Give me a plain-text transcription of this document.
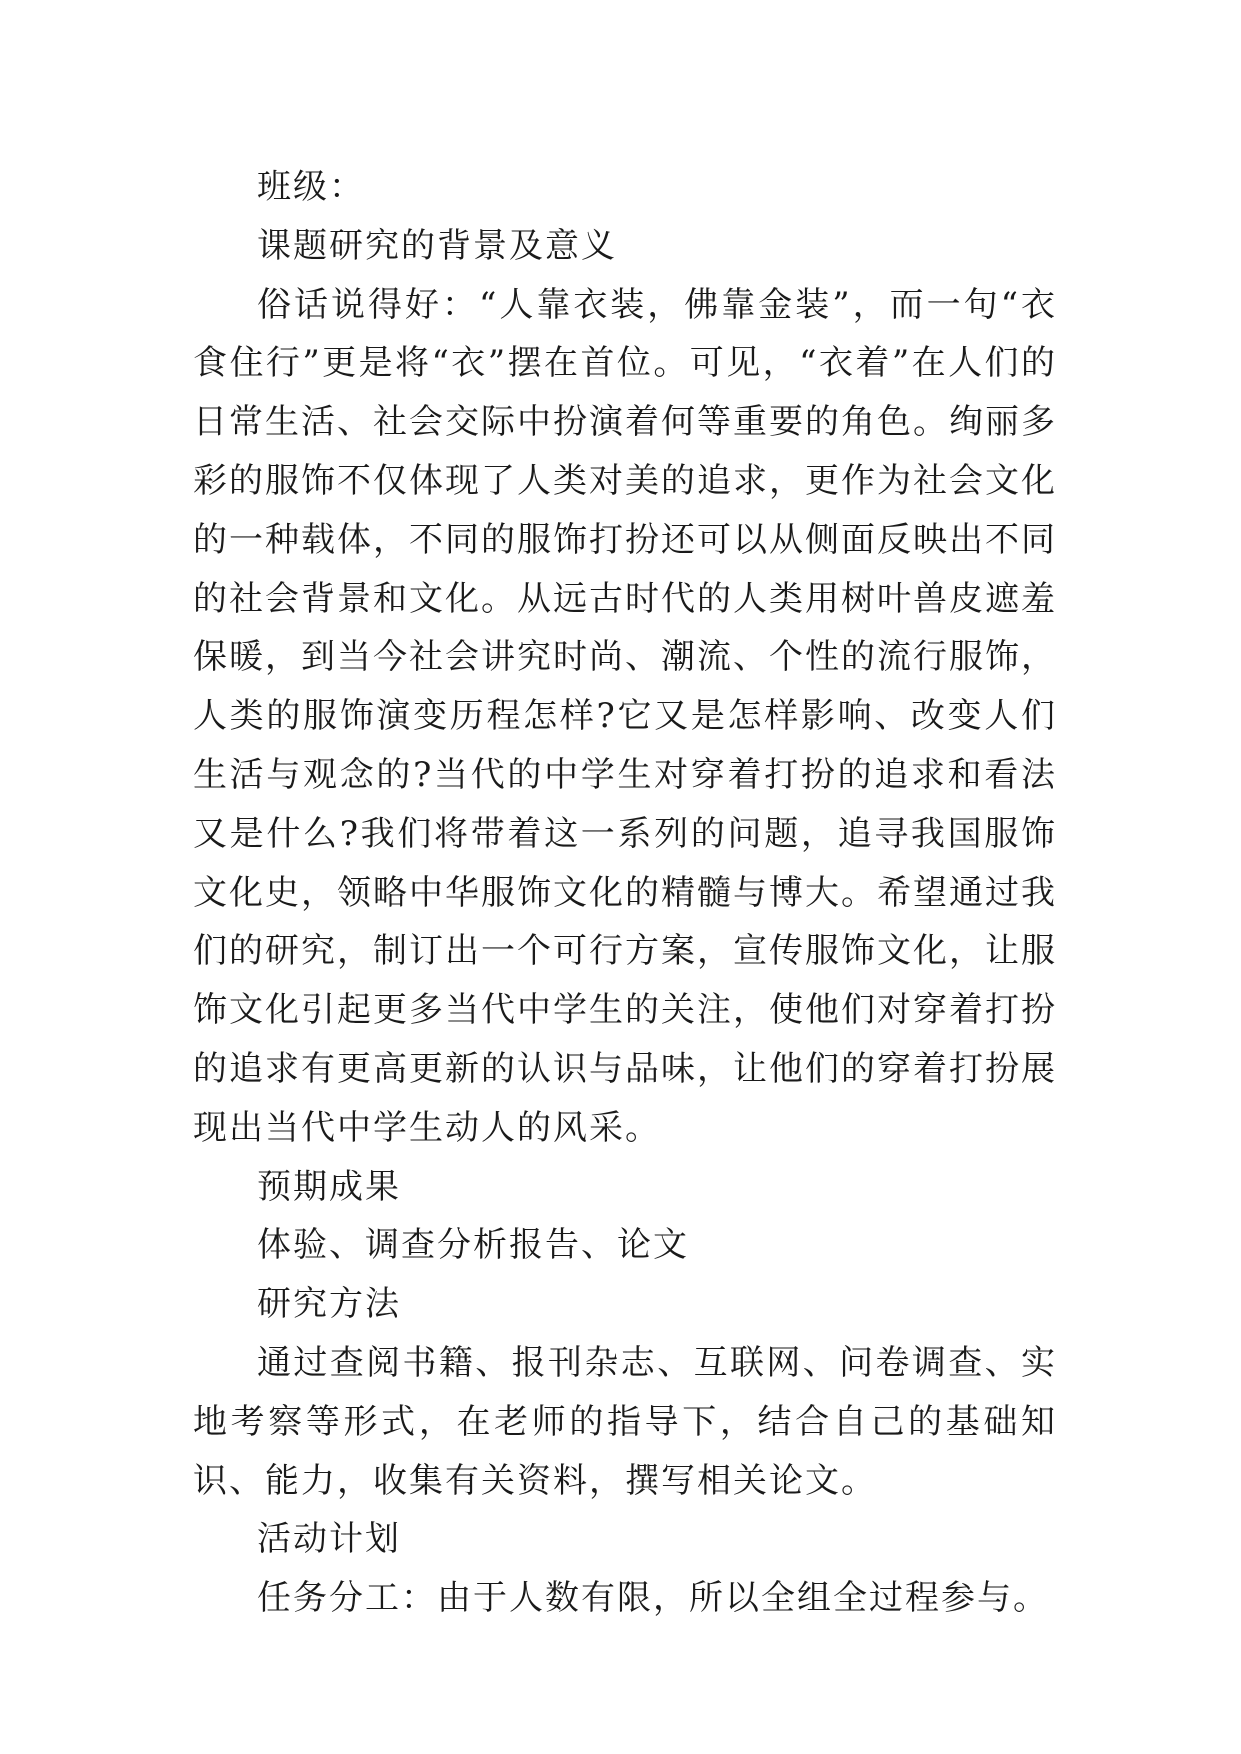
班级：

课题研究的背景及意义

俗话说得好：“人靠衣装，佛靠金装”，而一句“衣食住行”更是将“衣”摆在首位。可见，“衣着”在人们的日常生活、社会交际中扮演着何等重要的角色。绚丽多彩的服饰不仅体现了人类对美的追求，更作为社会文化的一种载体，不同的服饰打扮还可以从侧面反映出不同的社会背景和文化。从远古时代的人类用树叶兽皮遮羞保暖，到当今社会讲究时尚、潮流、个性的流行服饰，人类的服饰演变历程怎样?它又是怎样影响、改变人们生活与观念的?当代的中学生对穿着打扮的追求和看法又是什么?我们将带着这一系列的问题，追寻我国服饰文化史，领略中华服饰文化的精髓与博大。希望通过我们的研究，制订出一个可行方案，宣传服饰文化，让服饰文化引起更多当代中学生的关注，使他们对穿着打扮的追求有更高更新的认识与品味，让他们的穿着打扮展现出当代中学生动人的风采。

预期成果

体验、调查分析报告、论文

研究方法

通过查阅书籍、报刊杂志、互联网、问卷调查、实地考察等形式，在老师的指导下，结合自己的基础知识、能力，收集有关资料，撰写相关论文。

活动计划

任务分工：由于人数有限，所以全组全过程参与。
